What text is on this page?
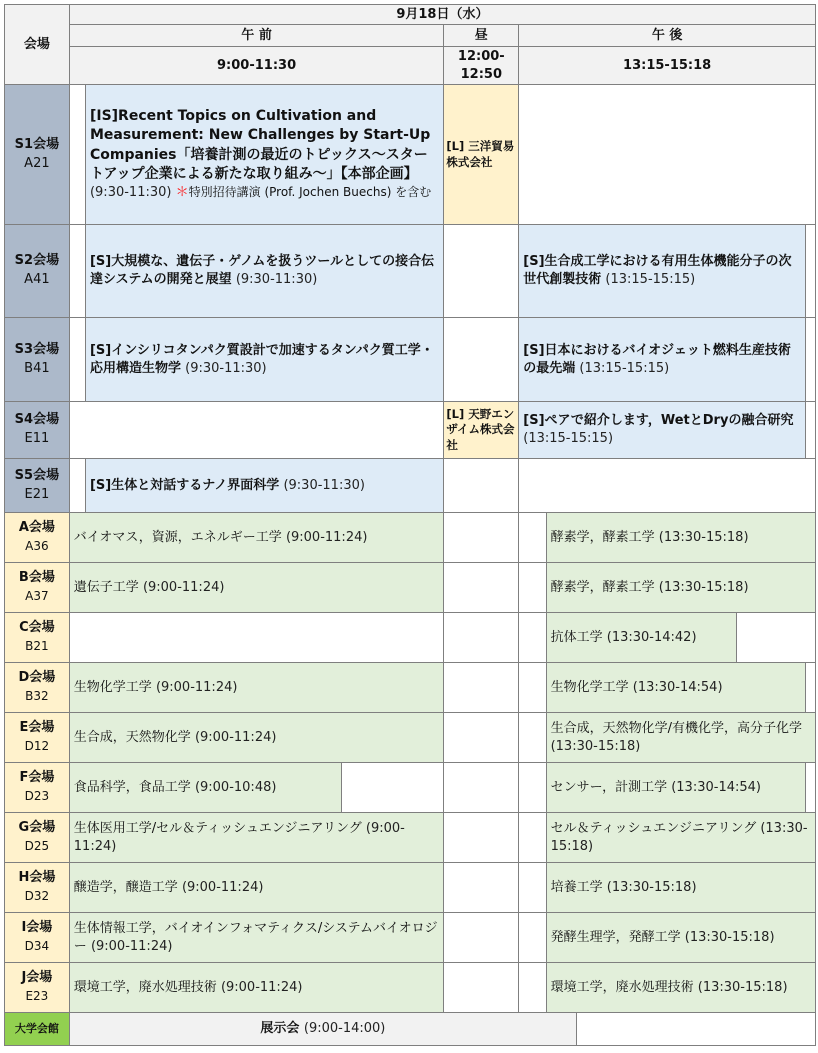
会場	9月18日（水）								
	午 前			昼	午 後				
	9:00-11:30			12:00-12:50	13:15-15:18				
S1会場
A21		[IS]Recent Topics on Cultivation and Measurement: New Challenges by Start-Up Companies「培養計測の最近のトピックス～スタートアップ企業による新たな取り組み～」【本部企画】 (9:30-11:30) ＊特別招待講演 (Prof. Jochen Buechs) を含む		[L] 三洋貿易株式会社					
S2会場
A41		[S]大規模な、遺伝子・ゲノムを扱うツールとしての接合伝達システムの開発と展望 (9:30-11:30)			[S]生合成工学における有用生体機能分子の次世代創製技術 (13:15-15:15)				
S3会場
B41		[S]インシリコタンパク質設計で加速するタンパク質工学・応用構造生物学 (9:30-11:30)			[S]日本におけるバイオジェット燃料生産技術の最先端 (13:15-15:15)				
S4会場
E11				[L] 天野エンザイム株式会社	[S]ペアで紹介します，WetとDryの融合研究 (13:15-15:15)				
S5会場
E21		[S]生体と対話するナノ界面科学 (9:30-11:30)							
A会場
A36	バイオマス，資源，エネルギー工学 (9:00-11:24)					酵素学，酵素工学 (13:30-15:18)			
B会場
A37	遺伝子工学 (9:00-11:24)					酵素学，酵素工学 (13:30-15:18)			
C会場
B21						抗体工学 (13:30-14:42)			
D会場
B32	生物化学工学 (9:00-11:24)					生物化学工学 (13:30-14:54)			
E会場
D12	生合成，天然物化学 (9:00-11:24)					生合成，天然物化学/有機化学，高分子化学 (13:30-15:18)			
F会場
D23	食品科学，食品工学 (9:00-10:48)					センサー，計測工学 (13:30-14:54)			
G会場
D25	生体医用工学/セル＆ティッシュエンジニアリング (9:00-11:24)					セル＆ティッシュエンジニアリング (13:30-15:18)			
H会場
D32	醸造学，醸造工学 (9:00-11:24)					培養工学 (13:30-15:18)			
I会場
D34	生体情報工学，バイオインフォマティクス/システムバイオロジー (9:00-11:24)					発酵生理学，発酵工学 (13:30-15:18)			
J会場
E23	環境工学，廃水処理技術 (9:00-11:24)					環境工学，廃水処理技術 (13:30-15:18)			
大学会館	展示会 (9:00-14:00)								
